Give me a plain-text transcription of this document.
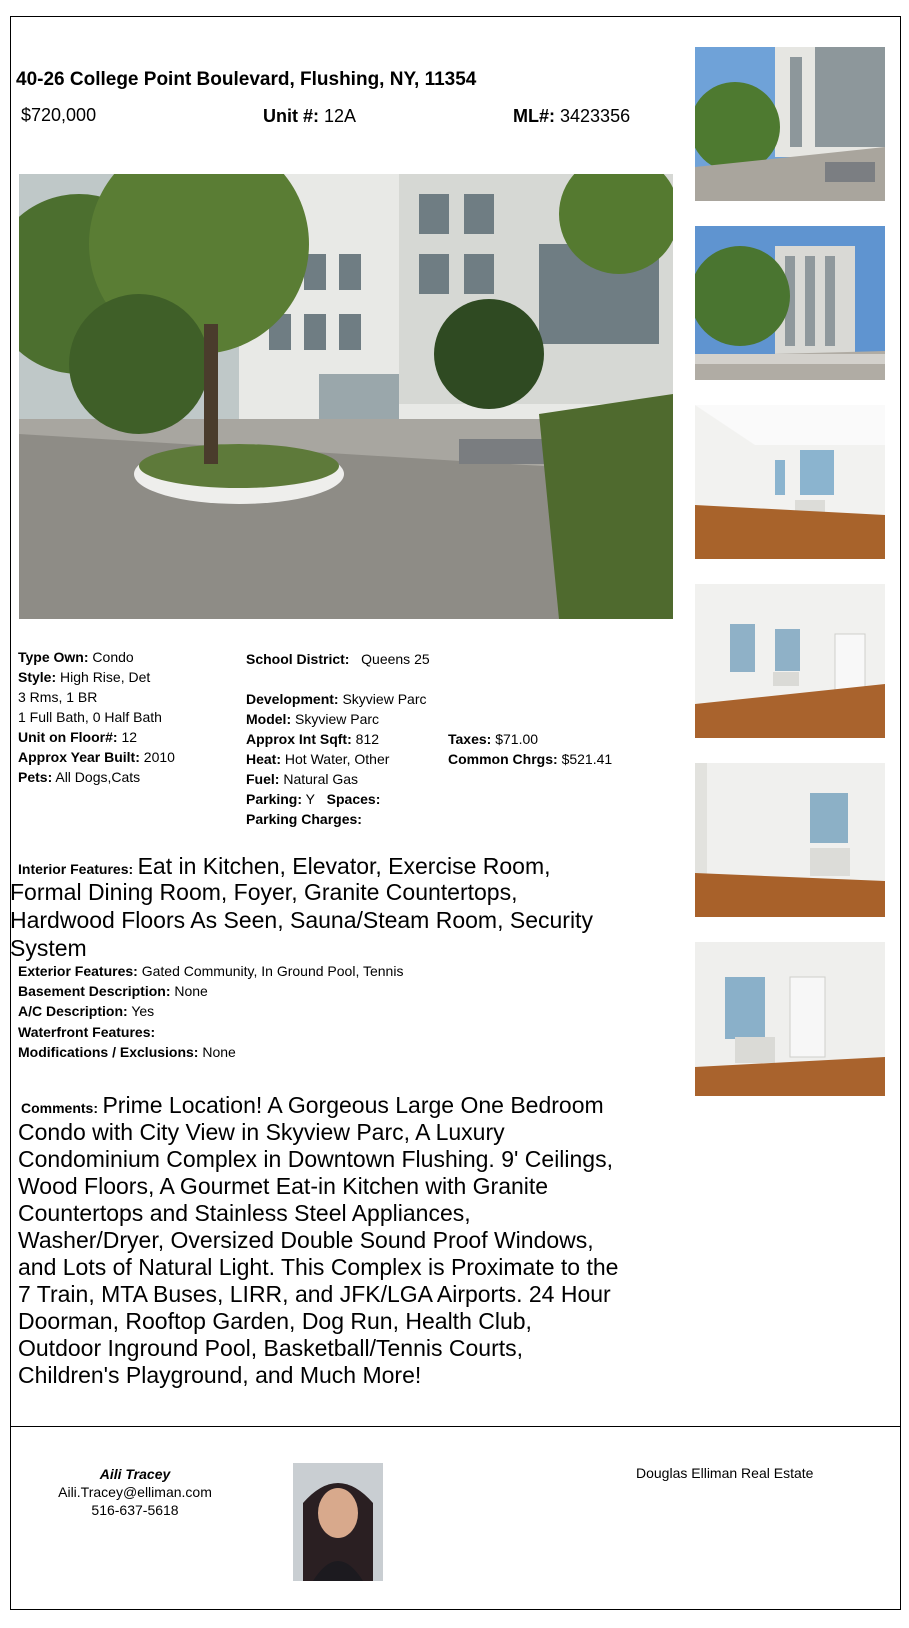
40-26 College Point Boulevard, Flushing, NY, 11354
$720,000	Unit #: 12A	ML#: 3423356
Type Own: Condo
Style: High Rise, Det
3 Rms, 1 BR
1 Full Bath, 0 Half Bath
Unit on Floor#: 12
Approx Year Built: 2010
Pets: All Dogs,Cats
School District: Queens 25
Development: Skyview Parc
Model: Skyview Parc
Approx Int Sqft: 812
Heat: Hot Water, Other
Fuel: Natural Gas
Parking: Y Spaces:
Parking Charges:
Taxes: $71.00
Common Chrgs: $521.41
Interior Features: Eat in Kitchen, Elevator, Exercise Room,
Formal Dining Room, Foyer, Granite Countertops,
Hardwood Floors As Seen, Sauna/Steam Room, Security
System
Exterior Features: Gated Community, In Ground Pool, Tennis
Basement Description: None
A/C Description: Yes
Waterfront Features:
Modifications / Exclusions: None
Comments: Prime Location! A Gorgeous Large One Bedroom
Condo with City View in Skyview Parc, A Luxury
Condominium Complex in Downtown Flushing. 9' Ceilings,
Wood Floors, A Gourmet Eat-in Kitchen with Granite
Countertops and Stainless Steel Appliances,
Washer/Dryer, Oversized Double Sound Proof Windows,
and Lots of Natural Light. This Complex is Proximate to the
7 Train, MTA Buses, LIRR, and JFK/LGA Airports. 24 Hour
Doorman, Rooftop Garden, Dog Run, Health Club,
Outdoor Inground Pool, Basketball/Tennis Courts,
Children's Playground, and Much More!
Aili Tracey
Aili.Tracey@elliman.com
516-637-5618
Douglas Elliman Real Estate
